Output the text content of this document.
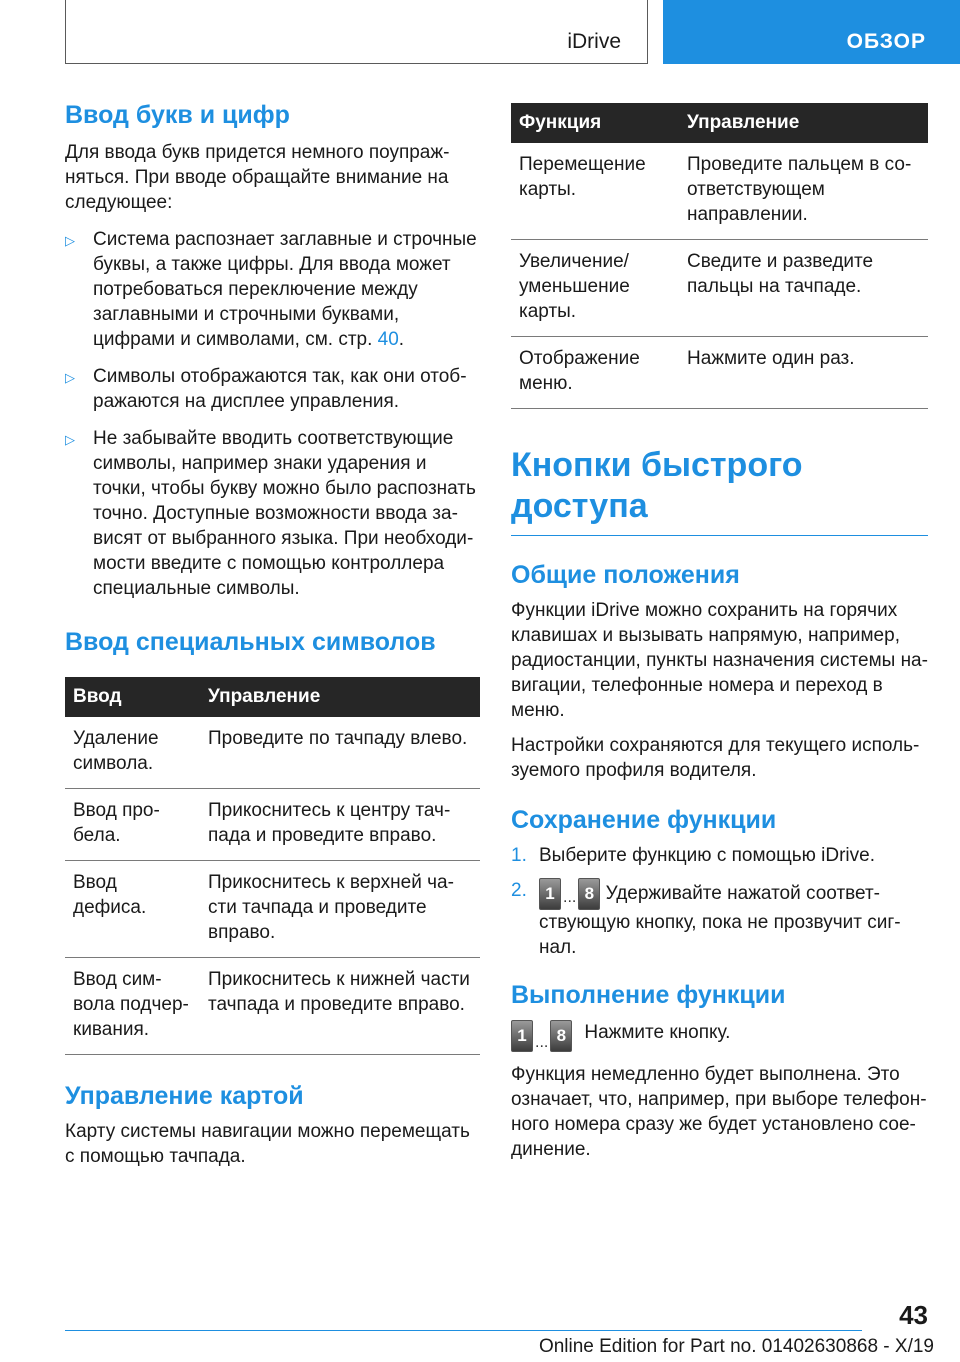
iDrive	ОБЗОР
Ввод букв и цифр

Для ввода букв придется немного поупражняться. При вводе обращайте внимание на следующее:

▷ Система распознает заглавные и строчные буквы, а также цифры. Для ввода может потребоваться переключение между заглавными и строчными буквами, цифрами и символами, см. стр. 40.
▷ Символы отображаются так, как они отображаются на дисплее управления.
▷ Не забывайте вводить соответствующие символы, например знаки ударения и точки, чтобы букву можно было распознать точно. Доступные возможности ввода зависят от выбранного языка. При необходимости введите с помощью контроллера специальные символы.
Ввод специальных символов
Ввод	Управление
Удаление символа.	Проведите по тачпаду влево.
Ввод пробела.	Прикоснитесь к центру тачпада и проведите вправо.
Ввод дефиса.	Прикоснитесь к верхней части тачпада и проведите вправо.
Ввод символа подчеркивания.	Прикоснитесь к нижней части тачпада и проведите вправо.
Управление картой

Карту системы навигации можно перемещать с помощью тачпада.

Функция	Управление
Перемещение карты.	Проведите пальцем в соответствующем направлении.
Увеличение/ уменьшение карты.	Сведите и разведите пальцы на тачпаде.
Отображение меню.	Нажмите один раз.
Кнопки быстрого доступа
Общие положения

Функции iDrive можно сохранить на горячих клавишах и вызывать напрямую, например, радиостанции, пункты назначения системы навигации, телефонные номера и переход в меню.

Настройки сохраняются для текущего используемого профиля водителя.

Сохранение функции
1. Выберите функцию с помощью iDrive.
2.	1 ... 8 Удерживайте нажатой соответствующую кнопку, пока не прозвучит сигнал.
Выполнение функции
1 ... 8 Нажмите кнопку.

Функция немедленно будет выполнена. Это означает, что, например, при выборе телефонного номера сразу же будет установлено соединение.

43
Online Edition for Part no. 01402630868 - X/19
